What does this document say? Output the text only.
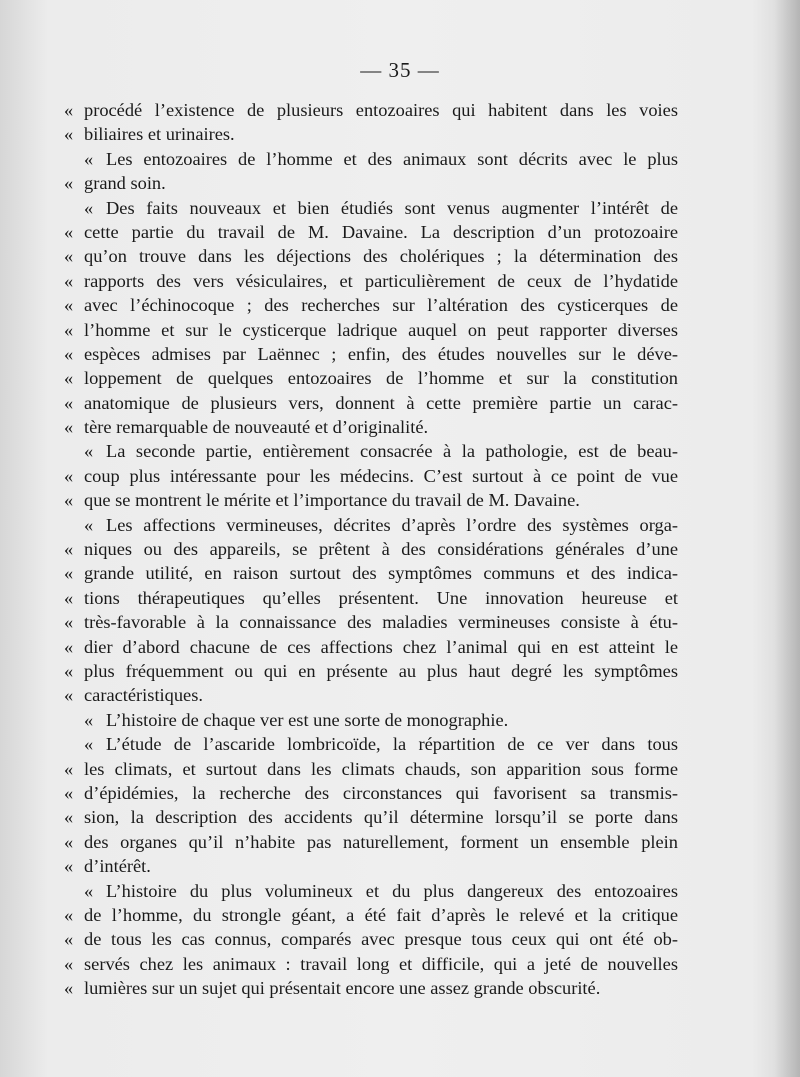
— 35 —
« procédé l’existence de plusieurs entozoaires qui habitent dans les voies
« biliaires et urinaires.
« Les entozoaires de l’homme et des animaux sont décrits avec le plus
« grand soin.
« Des faits nouveaux et bien étudiés sont venus augmenter l’intérêt de
« cette partie du travail de M. Davaine. La description d’un protozoaire
« qu’on trouve dans les déjections des cholériques ; la détermination des
« rapports des vers vésiculaires, et particulièrement de ceux de l’hydatide
« avec l’échinocoque ; des recherches sur l’altération des cysticerques de
« l’homme et sur le cysticerque ladrique auquel on peut rapporter diverses
« espèces admises par Laënnec ; enfin, des études nouvelles sur le déve-
« loppement de quelques entozoaires de l’homme et sur la constitution
« anatomique de plusieurs vers, donnent à cette première partie un carac-
« tère remarquable de nouveauté et d’originalité.
« La seconde partie, entièrement consacrée à la pathologie, est de beau-
« coup plus intéressante pour les médecins. C’est surtout à ce point de vue
« que se montrent le mérite et l’importance du travail de M. Davaine.
« Les affections vermineuses, décrites d’après l’ordre des systèmes orga-
« niques ou des appareils, se prêtent à des considérations générales d’une
« grande utilité, en raison surtout des symptômes communs et des indica-
« tions thérapeutiques qu’elles présentent. Une innovation heureuse et
« très-favorable à la connaissance des maladies vermineuses consiste à étu-
« dier d’abord chacune de ces affections chez l’animal qui en est atteint le
« plus fréquemment ou qui en présente au plus haut degré les symptômes
« caractéristiques.
« L’histoire de chaque ver est une sorte de monographie.
« L’étude de l’ascaride lombricoïde, la répartition de ce ver dans tous
« les climats, et surtout dans les climats chauds, son apparition sous forme
« d’épidémies, la recherche des circonstances qui favorisent sa transmis-
« sion, la description des accidents qu’il détermine lorsqu’il se porte dans
« des organes qu’il n’habite pas naturellement, forment un ensemble plein
« d’intérêt.
« L’histoire du plus volumineux et du plus dangereux des entozoaires
« de l’homme, du strongle géant, a été fait d’après le relevé et la critique
« de tous les cas connus, comparés avec presque tous ceux qui ont été ob-
« servés chez les animaux : travail long et difficile, qui a jeté de nouvelles
« lumières sur un sujet qui présentait encore une assez grande obscurité.
